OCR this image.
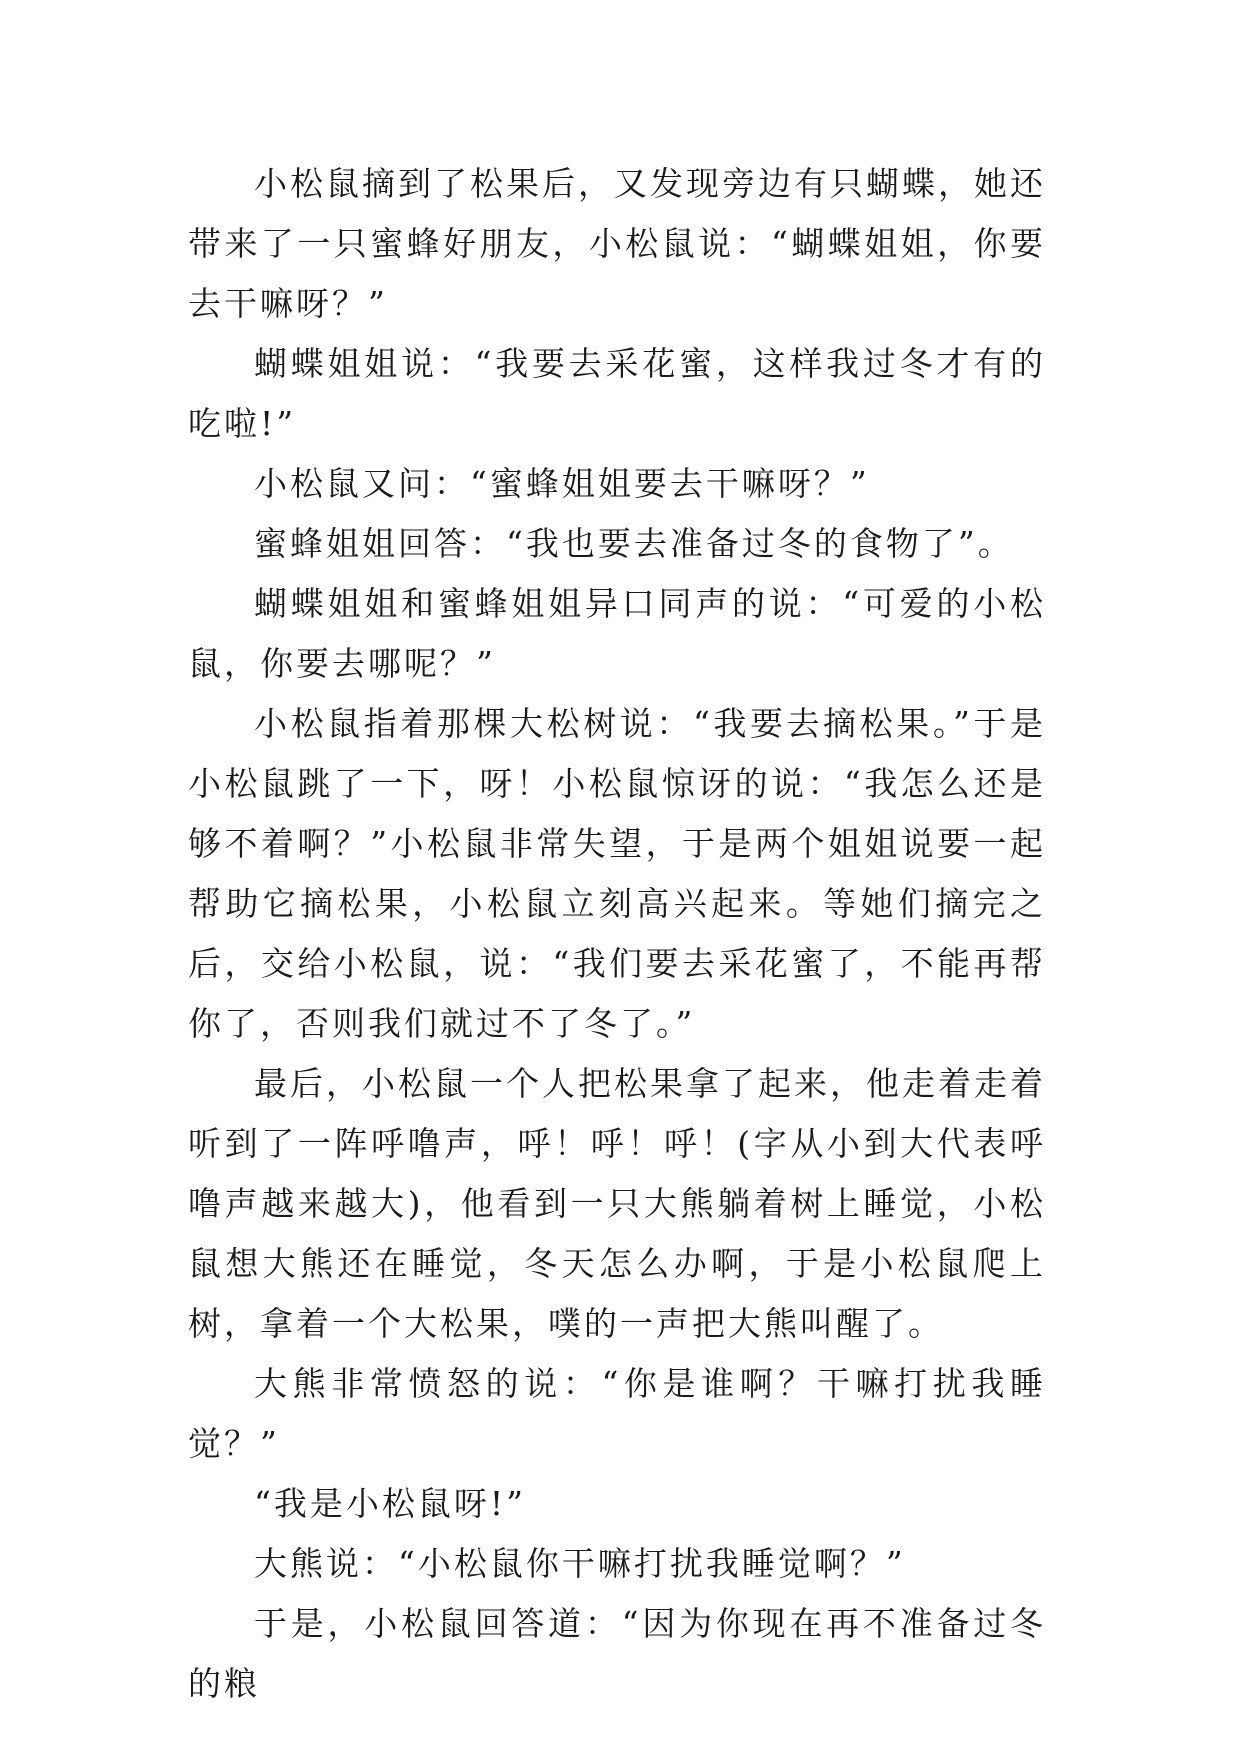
小松鼠摘到了松果后，又发现旁边有只蝴蝶，她还带来了一只蜜蜂好朋友，小松鼠说：“蝴蝶姐姐，你要去干嘛呀？”

蝴蝶姐姐说：“我要去采花蜜，这样我过冬才有的吃啦!”

小松鼠又问：“蜜蜂姐姐要去干嘛呀？”

蜜蜂姐姐回答：“我也要去准备过冬的食物了”。

蝴蝶姐姐和蜜蜂姐姐异口同声的说：“可爱的小松鼠，你要去哪呢？”

小松鼠指着那棵大松树说：“我要去摘松果。”于是小松鼠跳了一下，呀！小松鼠惊讶的说：“我怎么还是够不着啊？”小松鼠非常失望，于是两个姐姐说要一起帮助它摘松果，小松鼠立刻高兴起来。等她们摘完之后，交给小松鼠，说：“我们要去采花蜜了，不能再帮你了，否则我们就过不了冬了。”

最后，小松鼠一个人把松果拿了起来，他走着走着听到了一阵呼噜声，呼！呼！呼！(字从小到大代表呼噜声越来越大)，他看到一只大熊躺着树上睡觉，小松鼠想大熊还在睡觉，冬天怎么办啊，于是小松鼠爬上树，拿着一个大松果，噗的一声把大熊叫醒了。

大熊非常愤怒的说：“你是谁啊？干嘛打扰我睡觉？”

“我是小松鼠呀!”

大熊说：“小松鼠你干嘛打扰我睡觉啊？”

于是，小松鼠回答道：“因为你现在再不准备过冬的粮
